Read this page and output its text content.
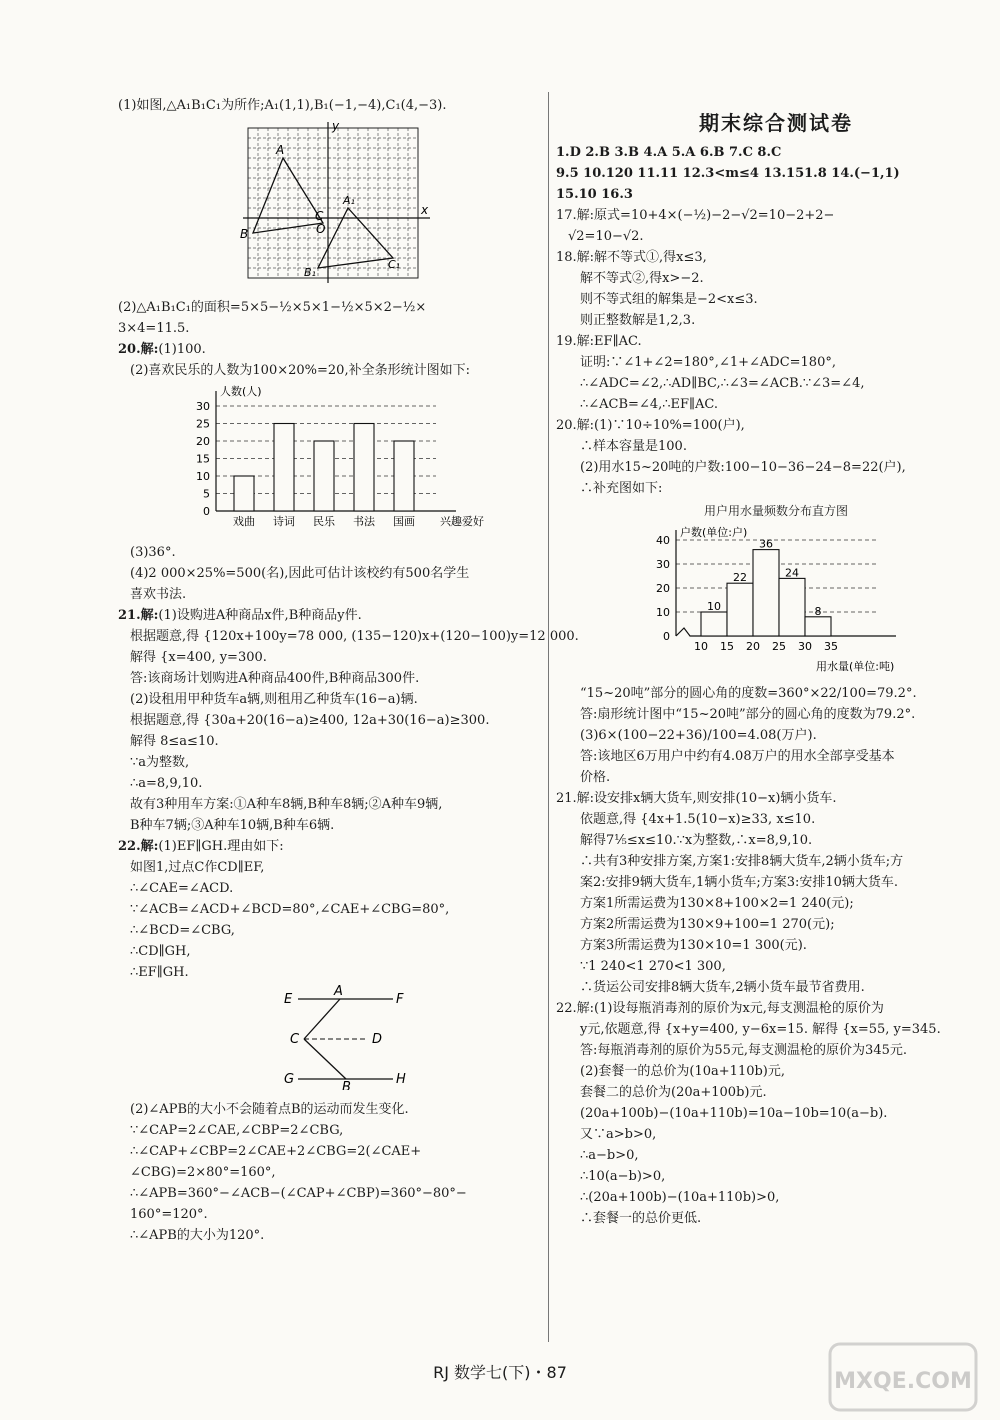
(1)如图,△A₁B₁C₁为所作;A₁(1,1),B₁(−1,−4),C₁(4,−3).
y
x
A
B
C
O
A₁
B₁
C₁
(2)△A₁B₁C₁的面积=5×5−½×5×1−½×5×2−½×
3×4=11.5.
20.解:(1)100.
(2)喜欢民乐的人数为100×20%=20,补全条形统计图如下:
0
5
10
15
20
25
30
人数(人)
兴趣爱好
戏曲 诗词 民乐 书法 国画
(3)36°.
(4)2 000×25%=500(名),因此可估计该校约有500名学生
喜欢书法.
21.解:(1)设购进A种商品x件,B种商品y件.
根据题意,得 {120x+100y=78 000, (135−120)x+(120−100)y=12 000.
解得 {x=400, y=300.
答:该商场计划购进A种商品400件,B种商品300件.
(2)设租用甲种货车a辆,则租用乙种货车(16−a)辆.
根据题意,得 {30a+20(16−a)≥400, 12a+30(16−a)≥300.
解得 8≤a≤10.
∵a为整数,
∴a=8,9,10.
故有3种用车方案:①A种车8辆,B种车8辆;②A种车9辆,
B种车7辆;③A种车10辆,B种车6辆.
22.解:(1)EF∥GH.理由如下:
如图1,过点C作CD∥EF,
∴∠CAE=∠ACD.
∵∠ACB=∠ACD+∠BCD=80°,∠CAE+∠CBG=80°,
∴∠BCD=∠CBG,
∴CD∥GH,
∴EF∥GH.
E
A
F
C	D
G
B
H
(2)∠APB的大小不会随着点B的运动而发生变化.
∵∠CAP=2∠CAE,∠CBP=2∠CBG,
∴∠CAP+∠CBP=2∠CAE+2∠CBG=2(∠CAE+
∠CBG)=2×80°=160°,
∴∠APB=360°−∠ACB−(∠CAP+∠CBP)=360°−80°−
160°=120°.
∴∠APB的大小为120°.
期末综合测试卷
1.D 2.B 3.B 4.A 5.A 6.B 7.C 8.C
9.5 10.120 11.11 12.3<m≤4 13.151.8 14.(−1,1)
15.10 16.3
17.解:原式=10+4×(−½)−2−√2=10−2+2−
√2=10−√2.
18.解:解不等式①,得x≤3,
解不等式②,得x>−2.
则不等式组的解集是−2<x≤3.
则正整数解是1,2,3.
19.解:EF∥AC.
证明:∵∠1+∠2=180°,∠1+∠ADC=180°,
∴∠ADC=∠2,∴AD∥BC,∴∠3=∠ACB.∵∠3=∠4,
∴∠ACB=∠4,∴EF∥AC.
20.解:(1)∵10÷10%=100(户),
∴样本容量是100.
(2)用水15~20吨的户数:100−10−36−24−8=22(户),
∴补充图如下:
用户用水量频数分布直方图
0
10
20
30
40
户数(单位:户)
用水量(单位:吨)
10
22
36
24
8
10 15 20 25 30 35
“15~20吨”部分的圆心角的度数=360°×22/100=79.2°.
答:扇形统计图中“15~20吨”部分的圆心角的度数为79.2°.
(3)6×(100−22+36)/100=4.08(万户).
答:该地区6万用户中约有4.08万户的用水全部享受基本
价格.
21.解:设安排x辆大货车,则安排(10−x)辆小货车.
依题意,得 {4x+1.5(10−x)≥33, x≤10.
解得7⅕≤x≤10.∵x为整数,∴x=8,9,10.
∴共有3种安排方案,方案1:安排8辆大货车,2辆小货车;方
案2:安排9辆大货车,1辆小货车;方案3:安排10辆大货车.
方案1所需运费为130×8+100×2=1 240(元);
方案2所需运费为130×9+100=1 270(元);
方案3所需运费为130×10=1 300(元).
∵1 240<1 270<1 300,
∴货运公司安排8辆大货车,2辆小货车最节省费用.
22.解:(1)设每瓶消毒剂的原价为x元,每支测温枪的原价为
y元,依题意,得 {x+y=400, y−6x=15. 解得 {x=55, y=345.
答:每瓶消毒剂的原价为55元,每支测温枪的原价为345元.
(2)套餐一的总价为(10a+110b)元,
套餐二的总价为(20a+100b)元.
(20a+100b)−(10a+110b)=10a−10b=10(a−b).
又∵a>b>0,
∴a−b>0,
∴10(a−b)>0,
∴(20a+100b)−(10a+110b)>0,
∴套餐一的总价更低.
RJ 数学七(下)・87	MXQE.COM
